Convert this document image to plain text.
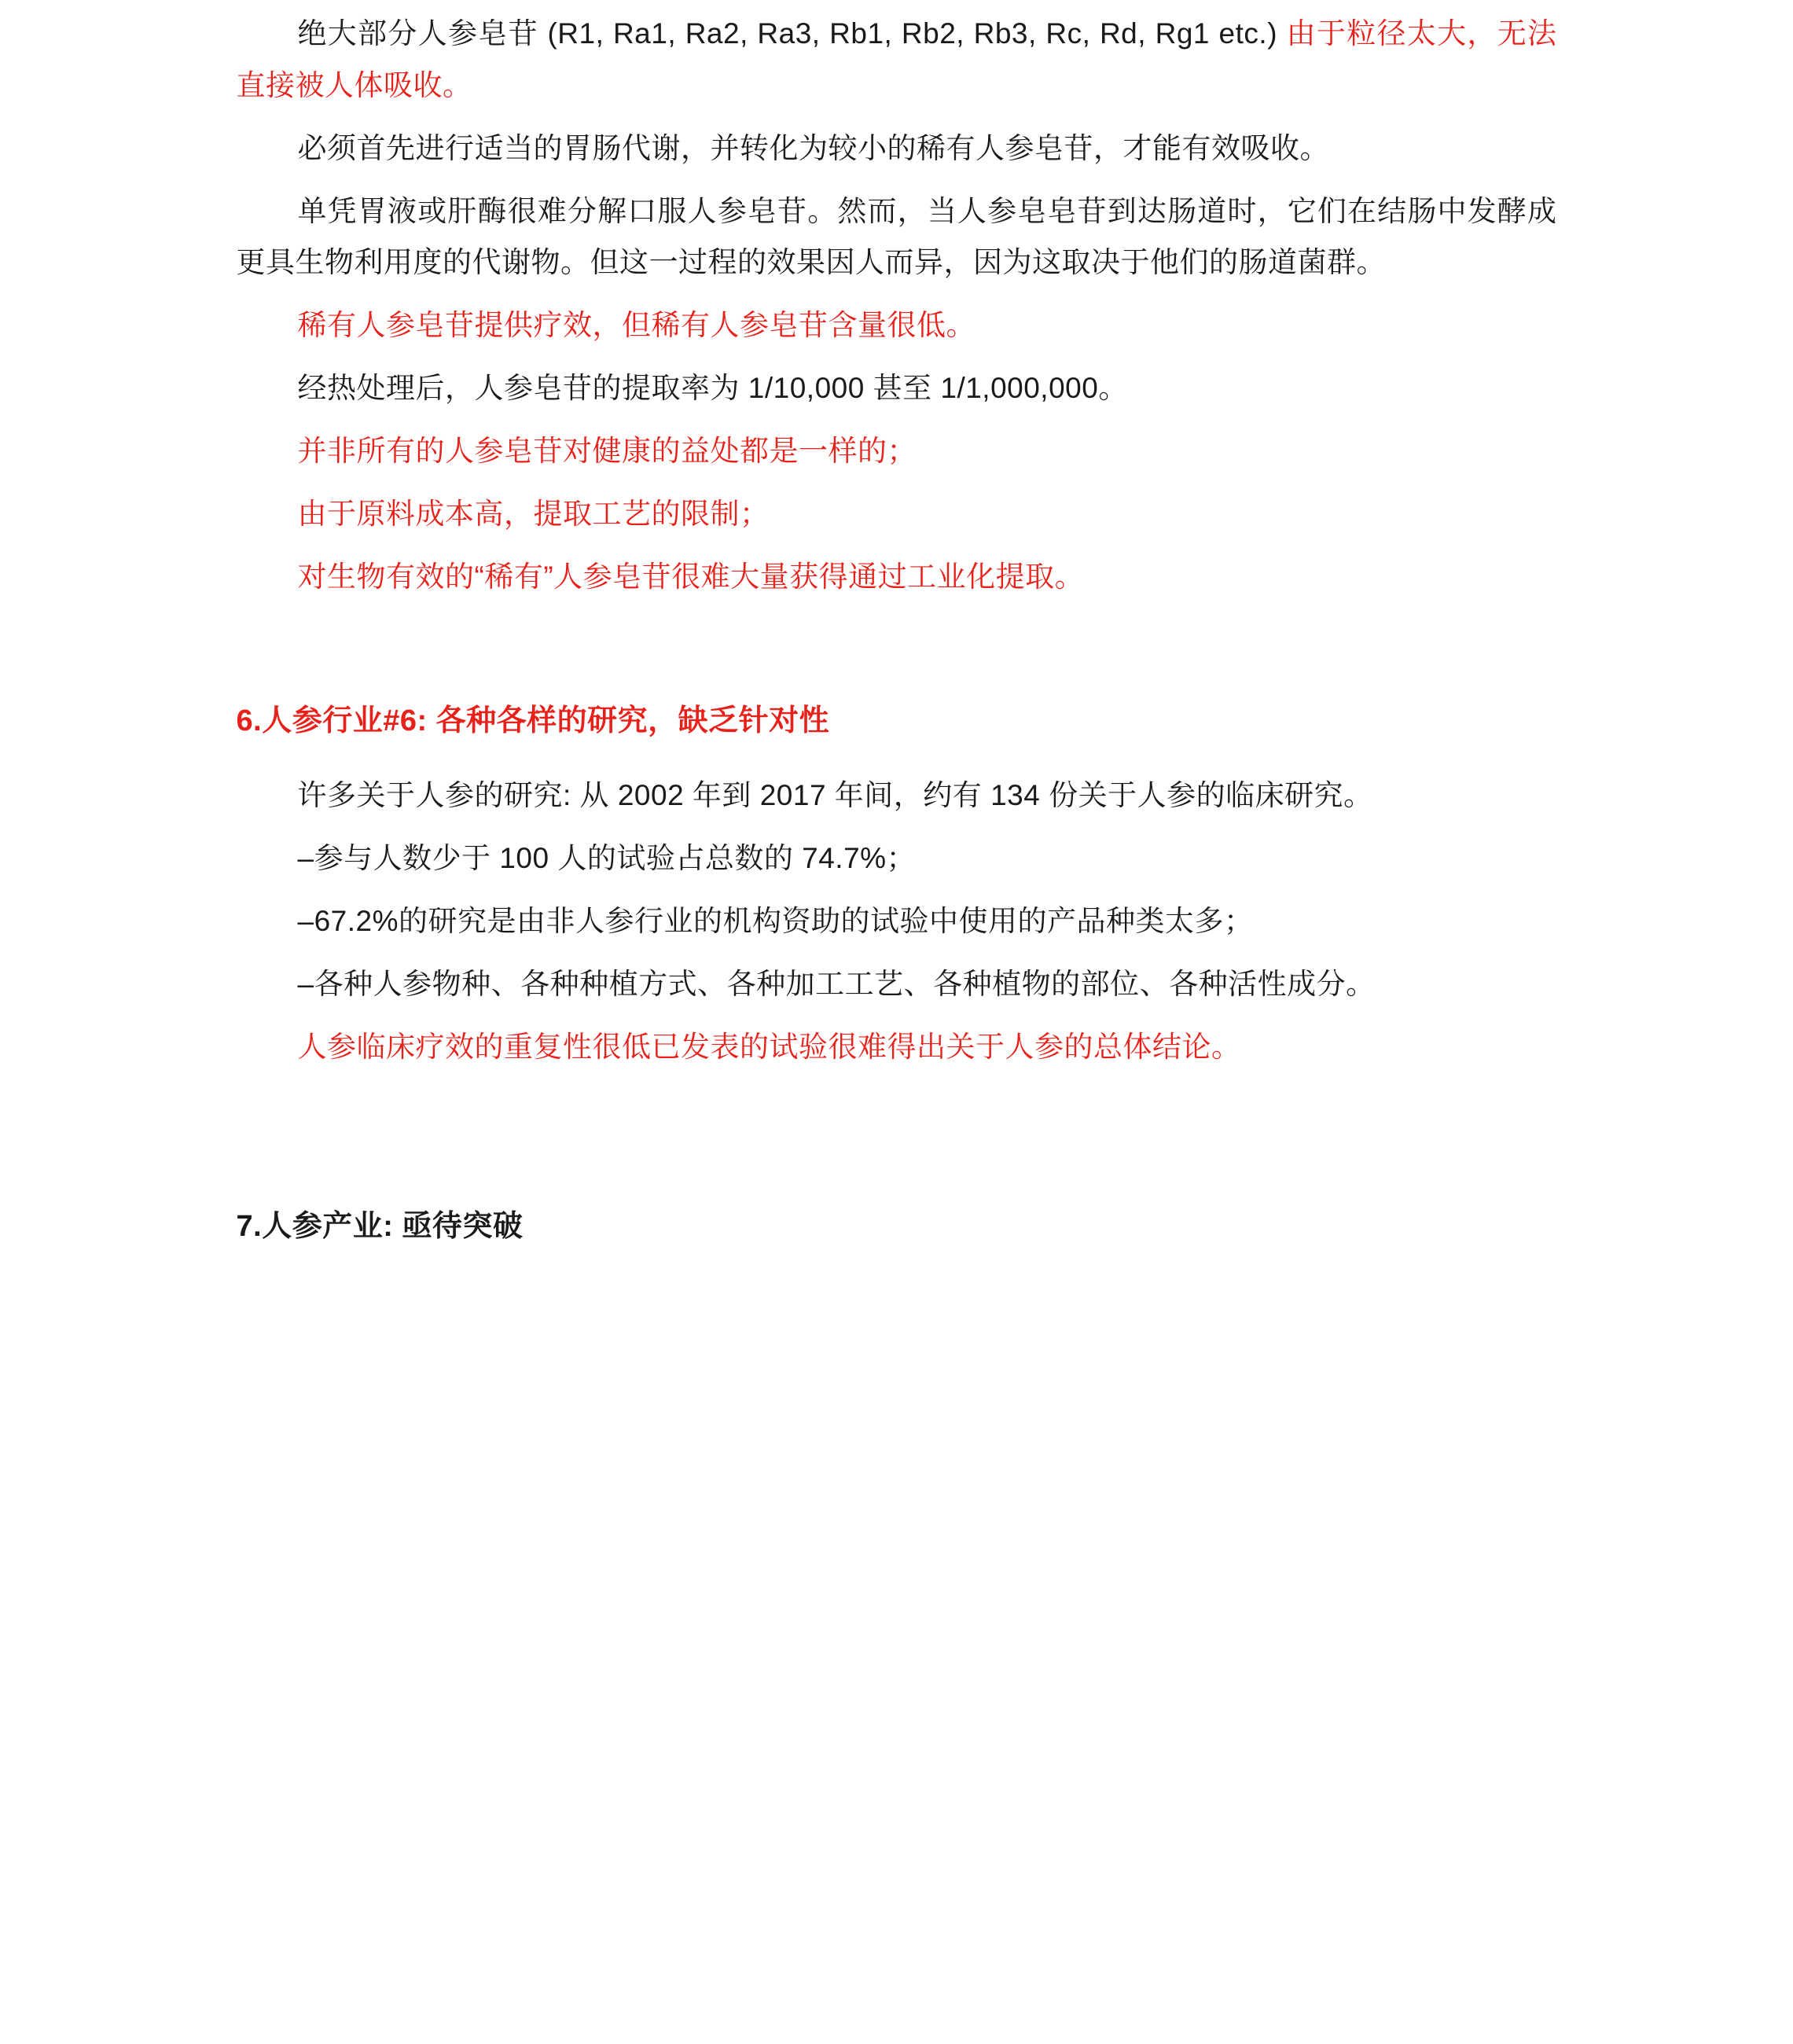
绝大部分人参皂苷 (R1, Ra1, Ra2, Ra3, Rb1, Rb2, Rb3, Rc, Rd, Rg1 etc.) 由于粒径太大，无法直接被人体吸收。

必须首先进行适当的胃肠代谢，并转化为较小的稀有人参皂苷，才能有效吸收。

单凭胃液或肝酶很难分解口服人参皂苷。然而，当人参皂皂苷到达肠道时，它们在结肠中发酵成更具生物利用度的代谢物。但这一过程的效果因人而异，因为这取决于他们的肠道菌群。

稀有人参皂苷提供疗效，但稀有人参皂苷含量很低。

经热处理后，人参皂苷的提取率为 1/10,000 甚至 1/1,000,000。

并非所有的人参皂苷对健康的益处都是一样的；

由于原料成本高，提取工艺的限制；

对生物有效的“稀有”人参皂苷很难大量获得通过工业化提取。

6.人参行业#6: 各种各样的研究，缺乏针对性

许多关于人参的研究: 从 2002 年到 2017 年间，约有 134 份关于人参的临床研究。

–参与人数少于 100 人的试验占总数的 74.7%；

–67.2%的研究是由非人参行业的机构资助的试验中使用的产品种类太多；

–各种人参物种、各种种植方式、各种加工工艺、各种植物的部位、各种活性成分。

人参临床疗效的重复性很低已发表的试验很难得出关于人参的总体结论。

7.人参产业: 亟待突破
